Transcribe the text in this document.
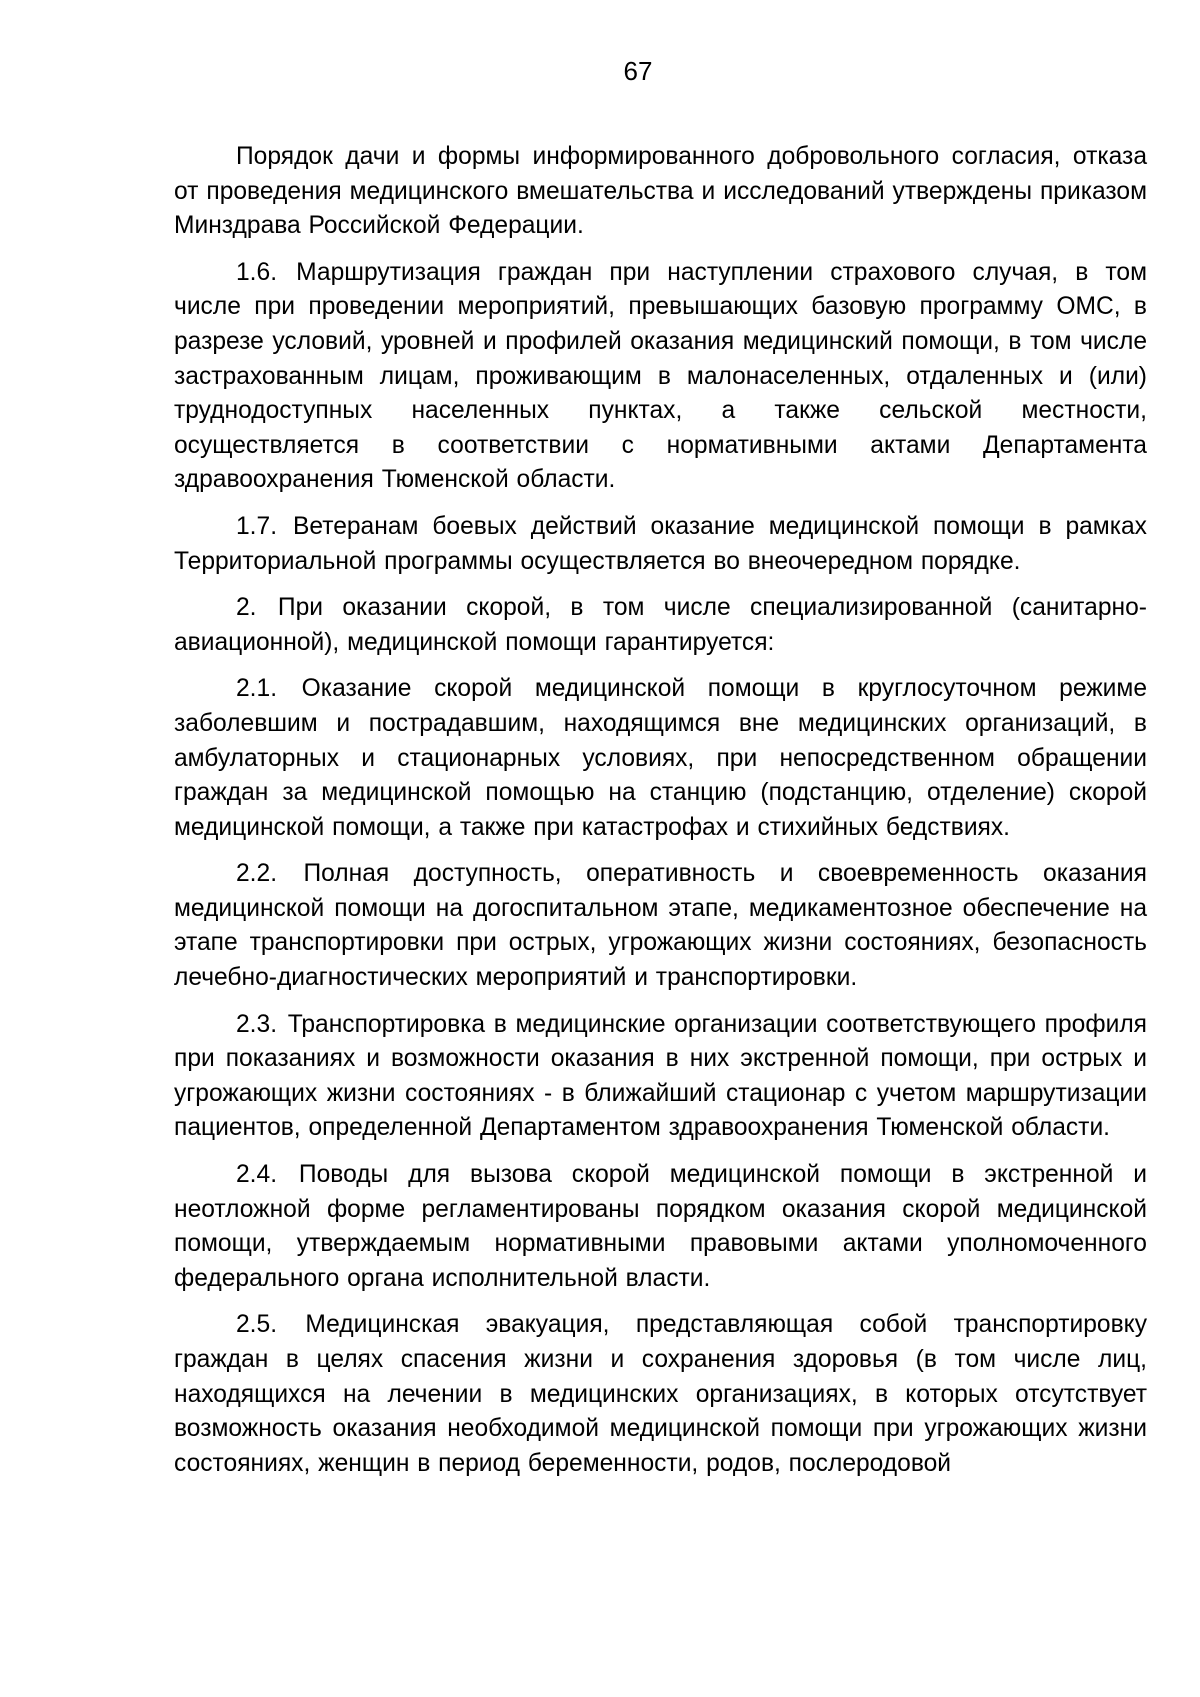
67

Порядок дачи и формы информированного добровольного согласия, отказа от проведения медицинского вмешательства и исследований утверждены приказом Минздрава Российской Федерации.

1.6. Маршрутизация граждан при наступлении страхового случая, в том числе при проведении мероприятий, превышающих базовую программу ОМС, в разрезе условий, уровней и профилей оказания медицинский помощи, в том числе застрахованным лицам, проживающим в малонаселенных, отдаленных и (или) труднодоступных населенных пунктах, а также сельской местности, осуществляется в соответствии с нормативными актами Департамента здравоохранения Тюменской области.

1.7. Ветеранам боевых действий оказание медицинской помощи в рамках Территориальной программы осуществляется во внеочередном порядке.

2. При оказании скорой, в том числе специализированной (санитарно-авиационной), медицинской помощи гарантируется:

2.1. Оказание скорой медицинской помощи в круглосуточном режиме заболевшим и пострадавшим, находящимся вне медицинских организаций, в амбулаторных и стационарных условиях, при непосредственном обращении граждан за медицинской помощью на станцию (подстанцию, отделение) скорой медицинской помощи, а также при катастрофах и стихийных бедствиях.

2.2. Полная доступность, оперативность и своевременность оказания медицинской помощи на догоспитальном этапе, медикаментозное обеспечение на этапе транспортировки при острых, угрожающих жизни состояниях, безопасность лечебно-диагностических мероприятий и транспортировки.

2.3. Транспортировка в медицинские организации соответствующего профиля при показаниях и возможности оказания в них экстренной помощи, при острых и угрожающих жизни состояниях - в ближайший стационар с учетом маршрутизации пациентов, определенной Департаментом здравоохранения Тюменской области.

2.4. Поводы для вызова скорой медицинской помощи в экстренной и неотложной форме регламентированы порядком оказания скорой медицинской помощи, утверждаемым нормативными правовыми актами уполномоченного федерального органа исполнительной власти.

2.5. Медицинская эвакуация, представляющая собой транспортировку граждан в целях спасения жизни и сохранения здоровья (в том числе лиц, находящихся на лечении в медицинских организациях, в которых отсутствует возможность оказания необходимой медицинской помощи при угрожающих жизни состояниях, женщин в период беременности, родов, послеродовой
